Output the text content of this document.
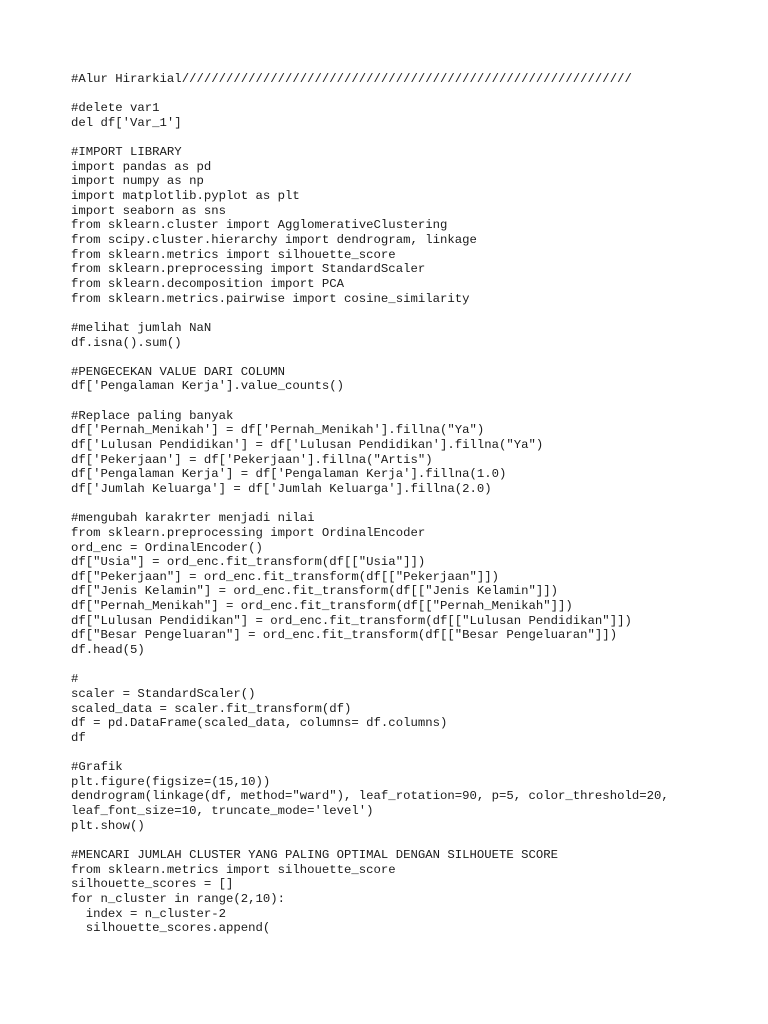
#Alur Hirarkial/////////////////////////////////////////////////////////////
#delete var1
del df['Var_1']
#IMPORT LIBRARY
import pandas as pd
import numpy as np
import matplotlib.pyplot as plt
import seaborn as sns
from sklearn.cluster import AgglomerativeClustering
from scipy.cluster.hierarchy import dendrogram, linkage
from sklearn.metrics import silhouette_score
from sklearn.preprocessing import StandardScaler
from sklearn.decomposition import PCA
from sklearn.metrics.pairwise import cosine_similarity
#melihat jumlah NaN
df.isna().sum()
#PENGECEKAN VALUE DARI COLUMN
df['Pengalaman Kerja'].value_counts()
#Replace paling banyak
df['Pernah_Menikah'] = df['Pernah_Menikah'].fillna("Ya")
df['Lulusan Pendidikan'] = df['Lulusan Pendidikan'].fillna("Ya")
df['Pekerjaan'] = df['Pekerjaan'].fillna("Artis")
df['Pengalaman Kerja'] = df['Pengalaman Kerja'].fillna(1.0)
df['Jumlah Keluarga'] = df['Jumlah Keluarga'].fillna(2.0)
#mengubah karakrter menjadi nilai
from sklearn.preprocessing import OrdinalEncoder
ord_enc = OrdinalEncoder()
df["Usia"] = ord_enc.fit_transform(df[["Usia"]])
df["Pekerjaan"] = ord_enc.fit_transform(df[["Pekerjaan"]])
df["Jenis Kelamin"] = ord_enc.fit_transform(df[["Jenis Kelamin"]])
df["Pernah_Menikah"] = ord_enc.fit_transform(df[["Pernah_Menikah"]])
df["Lulusan Pendidikan"] = ord_enc.fit_transform(df[["Lulusan Pendidikan"]])
df["Besar Pengeluaran"] = ord_enc.fit_transform(df[["Besar Pengeluaran"]])
df.head(5)
#
scaler = StandardScaler()
scaled_data = scaler.fit_transform(df)
df = pd.DataFrame(scaled_data, columns= df.columns)
df
#Grafik
plt.figure(figsize=(15,10))
dendrogram(linkage(df, method="ward"), leaf_rotation=90, p=5, color_threshold=20,
leaf_font_size=10, truncate_mode='level')
plt.show()
#MENCARI JUMLAH CLUSTER YANG PALING OPTIMAL DENGAN SILHOUETE SCORE
from sklearn.metrics import silhouette_score
silhouette_scores = []
for n_cluster in range(2,10):
index = n_cluster-2
silhouette_scores.append(
